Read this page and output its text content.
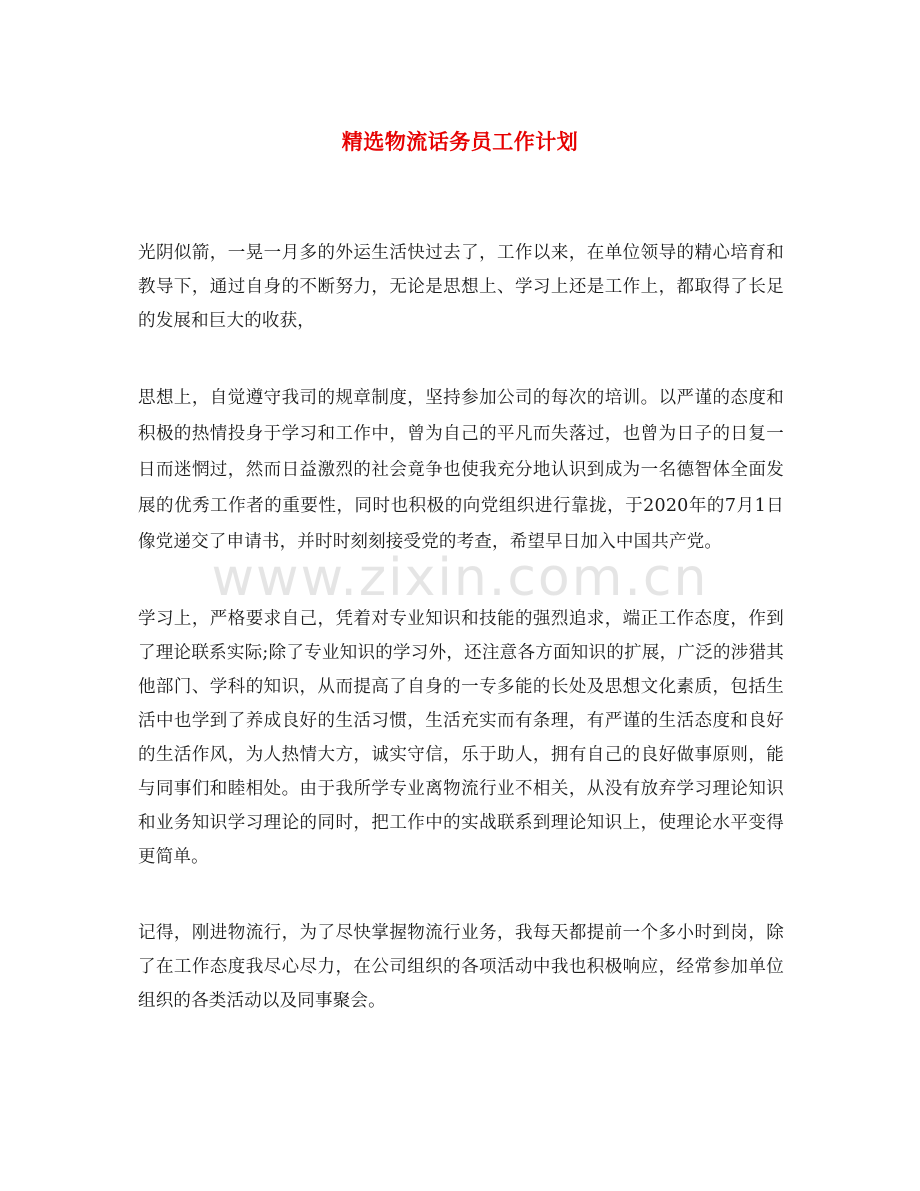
精选物流话务员工作计划

光阴似箭，一晃一月多的外运生活快过去了，工作以来，在单位领导的精心培育和教导下，通过自身的不断努力，无论是思想上、学习上还是工作上，都取得了长足的发展和巨大的收获，

思想上，自觉遵守我司的规章制度，坚持参加公司的每次的培训。以严谨的态度和积极的热情投身于学习和工作中，曾为自己的平凡而失落过，也曾为日子的日复一日而迷惘过，然而日益激烈的社会竟争也使我充分地认识到成为一名德智体全面发展的优秀工作者的重要性，同时也积极的向党组织进行靠拢，于2020年的7月1日像党递交了申请书，并时时刻刻接受党的考查，希望早日加入中国共产党。

学习上，严格要求自己，凭着对专业知识和技能的强烈追求，端正工作态度，作到了理论联系实际;除了专业知识的学习外，还注意各方面知识的扩展，广泛的涉猎其他部门、学科的知识，从而提高了自身的一专多能的长处及思想文化素质，包括生活中也学到了养成良好的生活习惯，生活充实而有条理，有严谨的生活态度和良好的生活作风，为人热情大方，诚实守信，乐于助人，拥有自己的良好做事原则，能与同事们和睦相处。由于我所学专业离物流行业不相关，从没有放弃学习理论知识和业务知识学习理论的同时，把工作中的实战联系到理论知识上，使理论水平变得更简单。

记得，刚进物流行，为了尽快掌握物流行业务，我每天都提前一个多小时到岗，除了在工作态度我尽心尽力，在公司组织的各项活动中我也积极响应，经常参加单位组织的各类活动以及同事聚会。

www.zixin.com.cn
